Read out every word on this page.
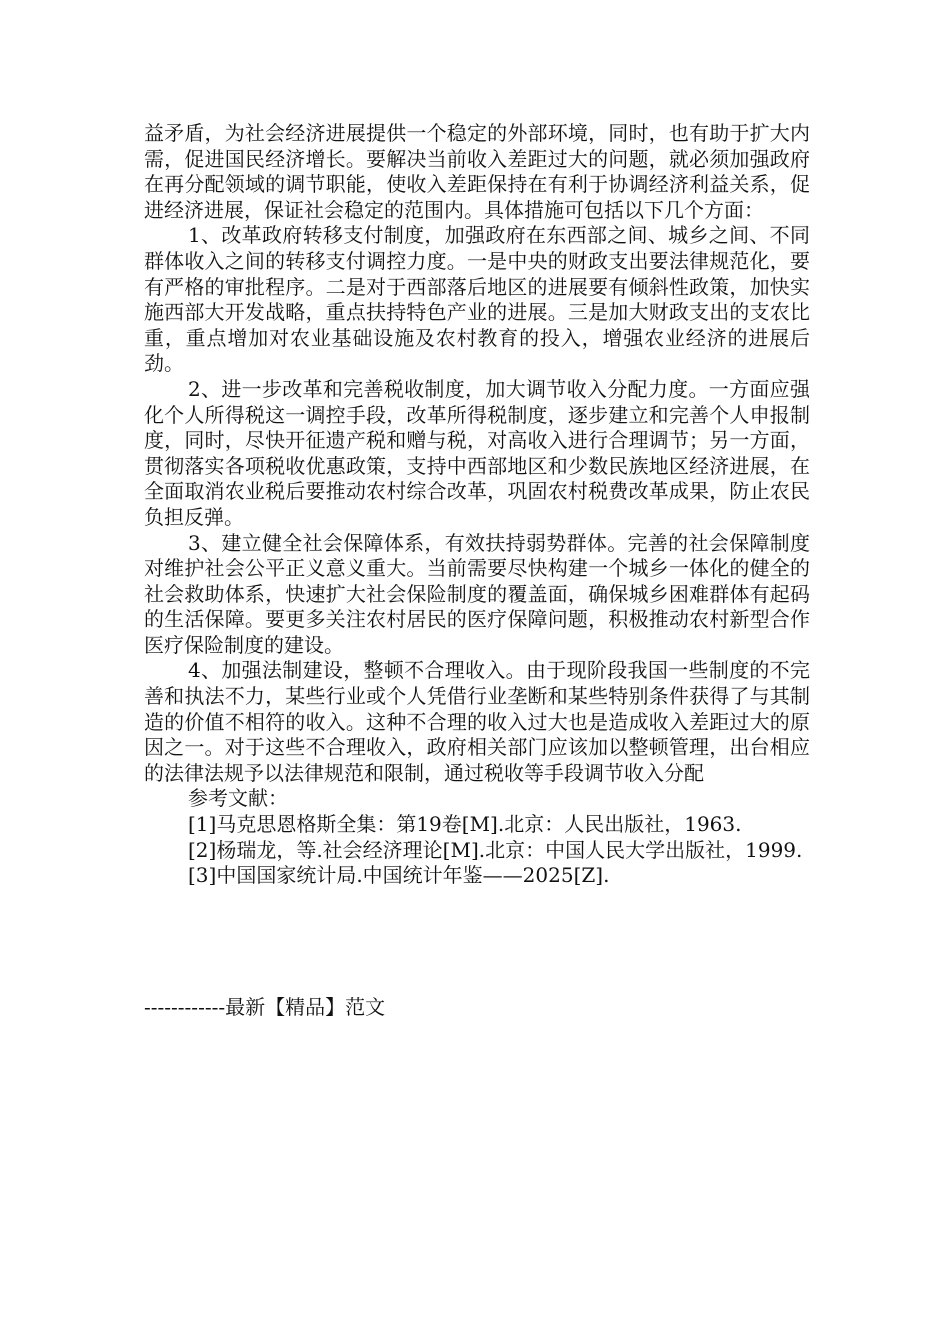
益矛盾，为社会经济进展提供一个稳定的外部环境，同时，也有助于扩大内需，促进国民经济增长。要解决当前收入差距过大的问题，就必须加强政府在再分配领域的调节职能，使收入差距保持在有利于协调经济利益关系，促进经济进展，保证社会稳定的范围内。具体措施可包括以下几个方面：

1、改革政府转移支付制度，加强政府在东西部之间、城乡之间、不同群体收入之间的转移支付调控力度。一是中央的财政支出要法律规范化，要有严格的审批程序。二是对于西部落后地区的进展要有倾斜性政策，加快实施西部大开发战略，重点扶持特色产业的进展。三是加大财政支出的支农比重，重点增加对农业基础设施及农村教育的投入，增强农业经济的进展后劲。

2、进一步改革和完善税收制度，加大调节收入分配力度。一方面应强化个人所得税这一调控手段，改革所得税制度，逐步建立和完善个人申报制度，同时，尽快开征遗产税和赠与税，对高收入进行合理调节；另一方面，贯彻落实各项税收优惠政策，支持中西部地区和少数民族地区经济进展，在全面取消农业税后要推动农村综合改革，巩固农村税费改革成果，防止农民负担反弹。

3、建立健全社会保障体系，有效扶持弱势群体。完善的社会保障制度对维护社会公平正义意义重大。当前需要尽快构建一个城乡一体化的健全的社会救助体系，快速扩大社会保险制度的覆盖面，确保城乡困难群体有起码的生活保障。要更多关注农村居民的医疗保障问题，积极推动农村新型合作医疗保险制度的建设。

4、加强法制建设，整顿不合理收入。由于现阶段我国一些制度的不完善和执法不力，某些行业或个人凭借行业垄断和某些特别条件获得了与其制造的价值不相符的收入。这种不合理的收入过大也是造成收入差距过大的原因之一。对于这些不合理收入，政府相关部门应该加以整顿管理，出台相应的法律法规予以法律规范和限制，通过税收等手段调节收入分配

参考文献：

[1]马克思恩格斯全集：第19卷[M].北京：人民出版社，1963.

[2]杨瑞龙，等.社会经济理论[M].北京：中国人民大学出版社，1999.

[3]中国国家统计局.中国统计年鉴——2025[Z].

------------最新【精品】范文
